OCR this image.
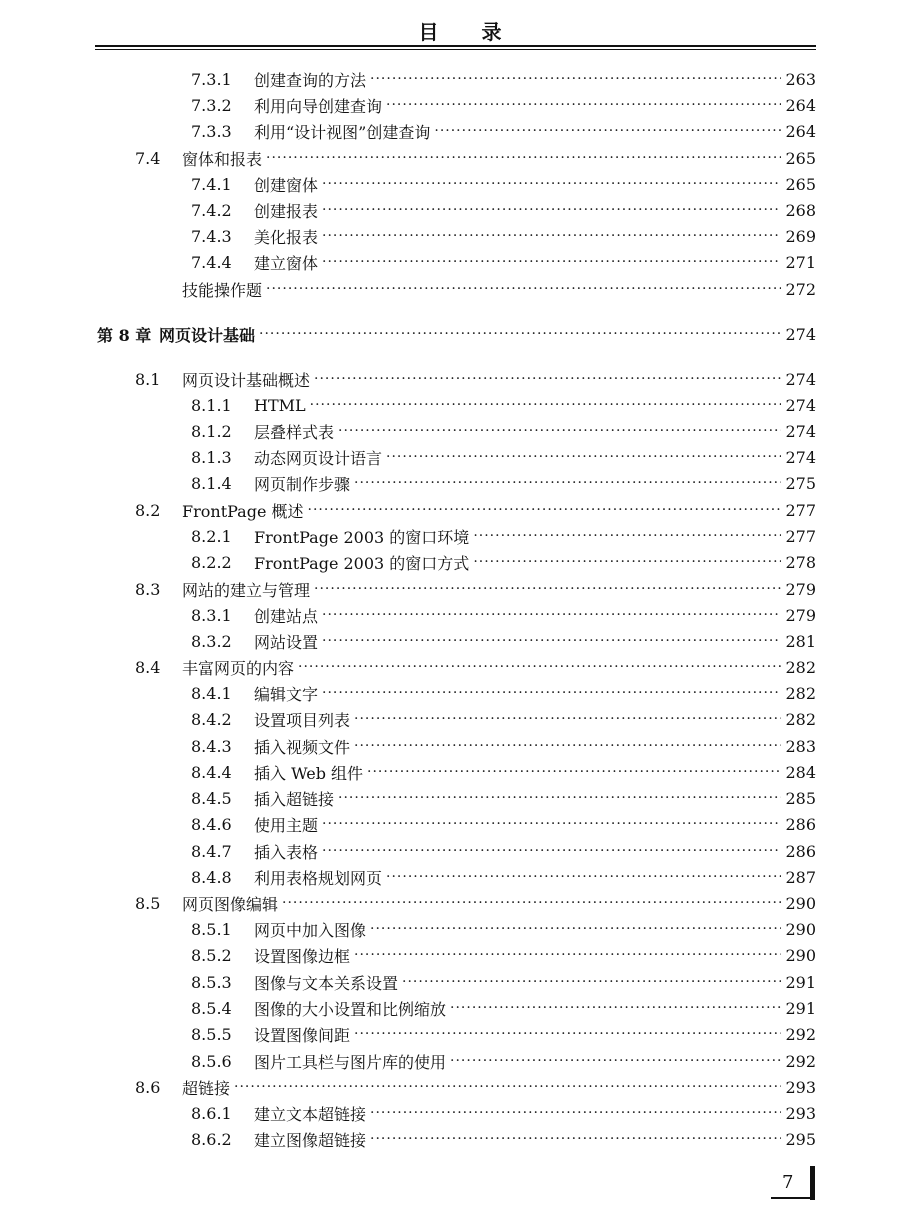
目 录
7.3.1	创建查询的方法 ·····	263
7.3.2	利用向导创建查询 ·····	264
7.3.3	利用“设计视图”创建查询 ·····	264
7.4	窗体和报表 ·····	265
7.4.1	创建窗体 ·····	265
7.4.2	创建报表 ·····	268
7.4.3	美化报表 ·····	269
7.4.4	建立窗体 ·····	271
技能操作题 ·····	272
第 8 章 网页设计基础 ·····	274
8.1	网页设计基础概述 ·····	274
8.1.1	HTML ·····	274
8.1.2	层叠样式表 ·····	274
8.1.3	动态网页设计语言 ·····	274
8.1.4	网页制作步骤 ·····	275
8.2	FrontPage 概述 ·····	277
8.2.1	FrontPage 2003 的窗口环境 ·····	277
8.2.2	FrontPage 2003 的窗口方式 ·····	278
8.3	网站的建立与管理 ·····	279
8.3.1	创建站点 ·····	279
8.3.2	网站设置 ·····	281
8.4	丰富网页的内容 ·····	282
8.4.1	编辑文字 ·····	282
8.4.2	设置项目列表 ·····	282
8.4.3	插入视频文件 ·····	283
8.4.4	插入 Web 组件 ·····	284
8.4.5	插入超链接 ·····	285
8.4.6	使用主题 ·····	286
8.4.7	插入表格 ·····	286
8.4.8	利用表格规划网页 ·····	287
8.5	网页图像编辑 ·····	290
8.5.1	网页中加入图像 ·····	290
8.5.2	设置图像边框 ·····	290
8.5.3	图像与文本关系设置 ·····	291
8.5.4	图像的大小设置和比例缩放 ·····	291
8.5.5	设置图像间距 ·····	292
8.5.6	图片工具栏与图片库的使用 ·····	292
8.6	超链接 ·····	293
8.6.1	建立文本超链接 ·····	293
8.6.2	建立图像超链接 ·····	295
7
